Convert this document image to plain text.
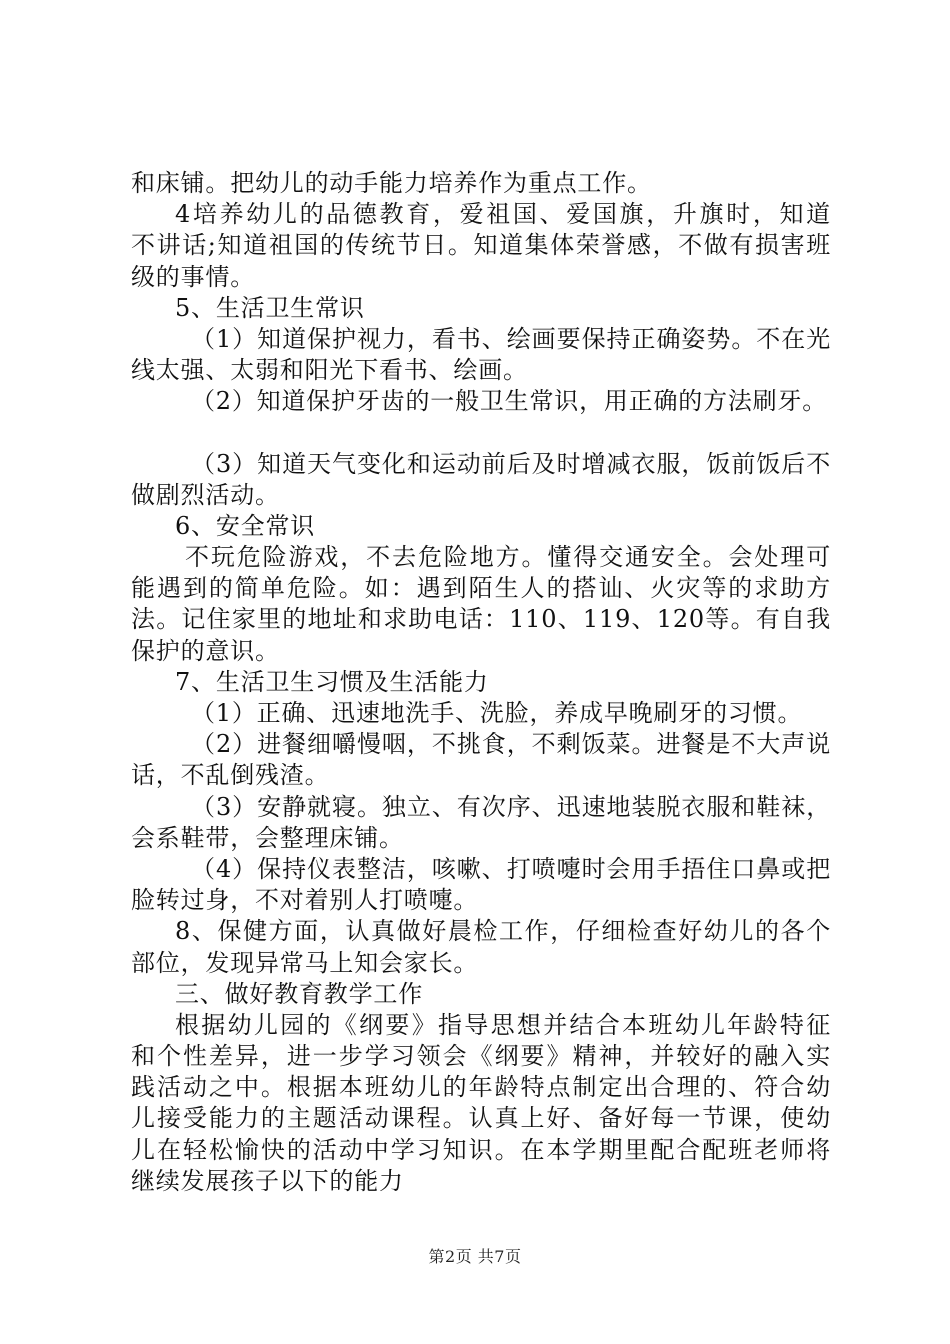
和床铺。把幼儿的动手能力培养作为重点工作。
4培养幼儿的品德教育，爱祖国、爱国旗，升旗时，知道
不讲话;知道祖国的传统节日。知道集体荣誉感，不做有损害班
级的事情。
5、生活卫生常识
（1）知道保护视力，看书、绘画要保持正确姿势。不在光
线太强、太弱和阳光下看书、绘画。
（2）知道保护牙齿的一般卫生常识，用正确的方法刷牙。
（3）知道天气变化和运动前后及时增减衣服，饭前饭后不
做剧烈活动。
6、安全常识
不玩危险游戏，不去危险地方。懂得交通安全。会处理可
能遇到的简单危险。如：遇到陌生人的搭讪、火灾等的求助方
法。记住家里的地址和求助电话：110、119、120等。有自我
保护的意识。
7、生活卫生习惯及生活能力
（1）正确、迅速地洗手、洗脸，养成早晚刷牙的习惯。
（2）进餐细嚼慢咽，不挑食，不剩饭菜。进餐是不大声说
话，不乱倒残渣。
（3）安静就寝。独立、有次序、迅速地装脱衣服和鞋袜，
会系鞋带，会整理床铺。
（4）保持仪表整洁，咳嗽、打喷嚏时会用手捂住口鼻或把
脸转过身，不对着别人打喷嚏。
8、保健方面，认真做好晨检工作，仔细检查好幼儿的各个
部位，发现异常马上知会家长。
三、做好教育教学工作
根据幼儿园的《纲要》指导思想并结合本班幼儿年龄特征
和个性差异，进一步学习领会《纲要》精神，并较好的融入实
践活动之中。根据本班幼儿的年龄特点制定出合理的、符合幼
儿接受能力的主题活动课程。认真上好、备好每一节课，使幼
儿在轻松愉快的活动中学习知识。在本学期里配合配班老师将
继续发展孩子以下的能力
第2页 共7页
